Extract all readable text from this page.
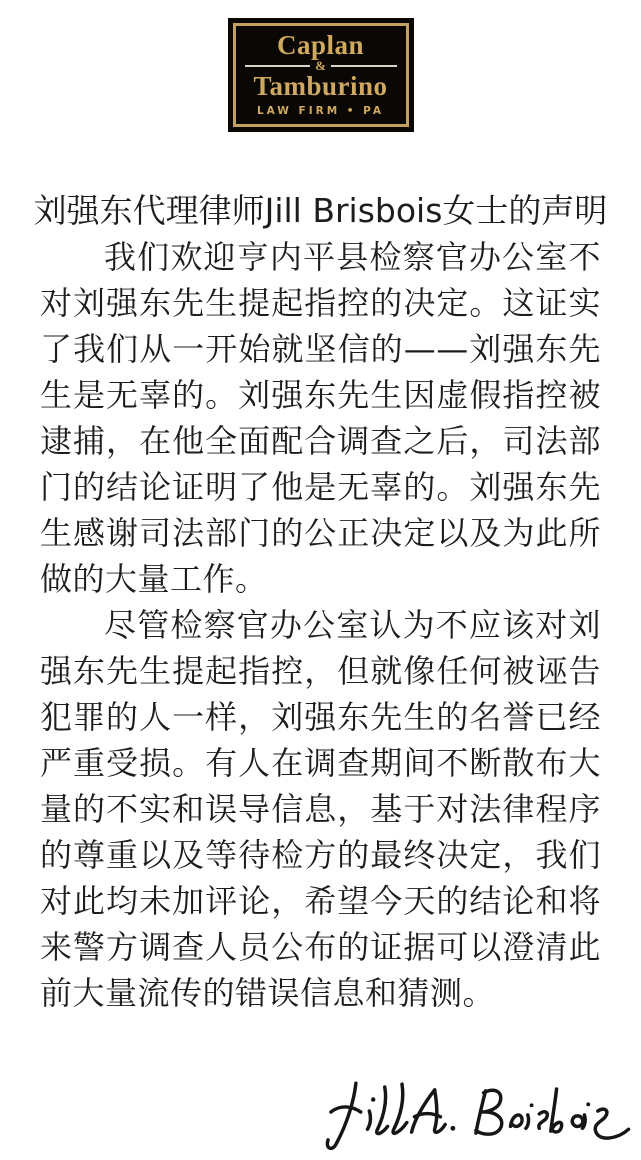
Caplan
&
Tamburino
LAW FIRM • PA
刘强东代理律师Jill Brisbois女士的声明

我们欢迎亨内平县检察官办公室不对刘强东先生提起指控的决定。这证实了我们从一开始就坚信的——刘强东先生是无辜的。刘强东先生因虚假指控被逮捕，在他全面配合调查之后，司法部门的结论证明了他是无辜的。刘强东先生感谢司法部门的公正决定以及为此所做的大量工作。

尽管检察官办公室认为不应该对刘强东先生提起指控，但就像任何被诬告犯罪的人一样，刘强东先生的名誉已经严重受损。有人在调查期间不断散布大量的不实和误导信息，基于对法律程序的尊重以及等待检方的最终决定，我们对此均未加评论，希望今天的结论和将来警方调查人员公布的证据可以澄清此前大量流传的错误信息和猜测。
